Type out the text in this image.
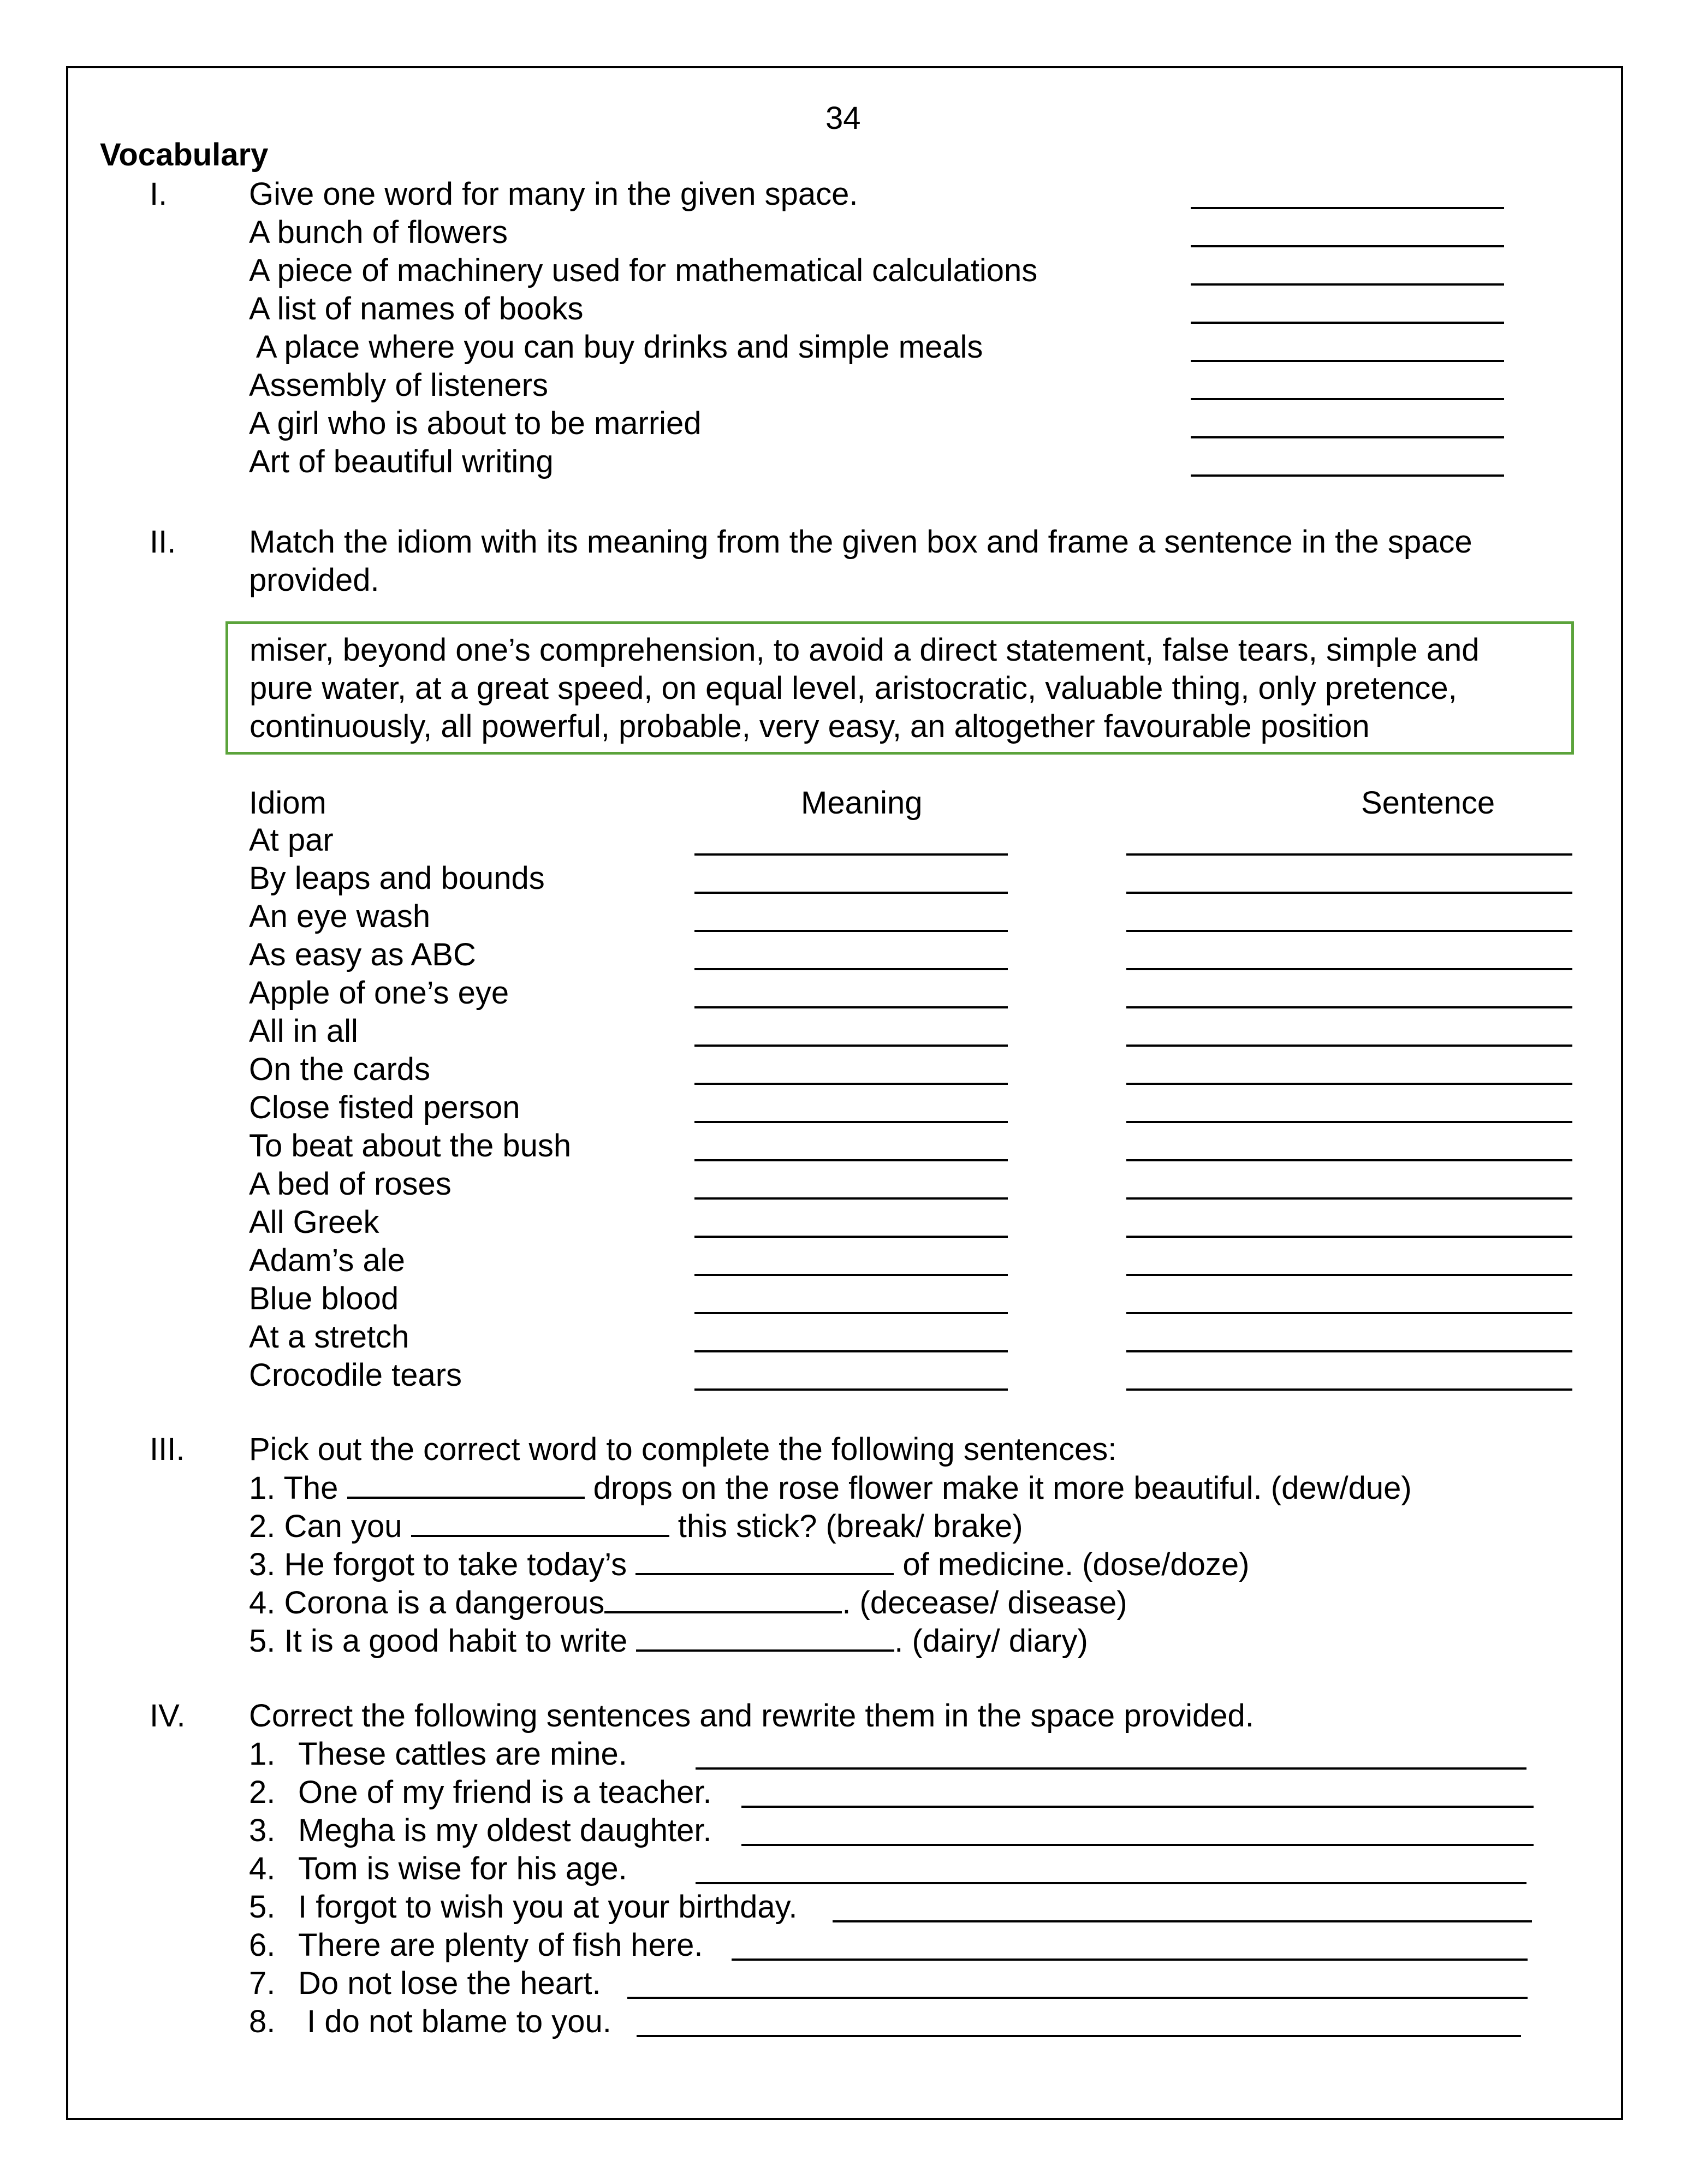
34
Vocabulary
I.	Give one word for many in the given space.
A bunch of flowers
A piece of machinery used for mathematical calculations
A list of names of books
A place where you can buy drinks and simple meals
Assembly of listeners
A girl who is about to be married
Art of beautiful writing
II. Match the idiom with its meaning from the given box and frame a sentence in the space
provided.
miser, beyond one’s comprehension, to avoid a direct statement, false tears, simple and
pure water, at a great speed, on equal level, aristocratic, valuable thing, only pretence,
continuously, all powerful, probable, very easy, an altogether favourable position
Idiom	Meaning	Sentence
At par
By leaps and bounds
An eye wash
As easy as ABC
Apple of one’s eye
All in all
On the cards
Close fisted person
To beat about the bush
A bed of roses
All Greek
Adam’s ale
Blue blood
At a stretch
Crocodile tears
III. Pick out the correct word to complete the following sentences:
1. The	drops on the rose flower make it more beautiful. (dew/due)
2. Can you	this stick? (break/ brake)
3. He forgot to take today’s	of medicine. (dose/doze)
4. Corona is a dangerous	. (decease/ disease)
5. It is a good habit to write	. (dairy/ diary)
IV. Correct the following sentences and rewrite them in the space provided.
1. These cattles are mine.
2. One of my friend is a teacher.
3. Megha is my oldest daughter.
4. Tom is wise for his age.
5. I forgot to wish you at your birthday.
6. There are plenty of fish here.
7. Do not lose the heart.
8. I do not blame to you.
